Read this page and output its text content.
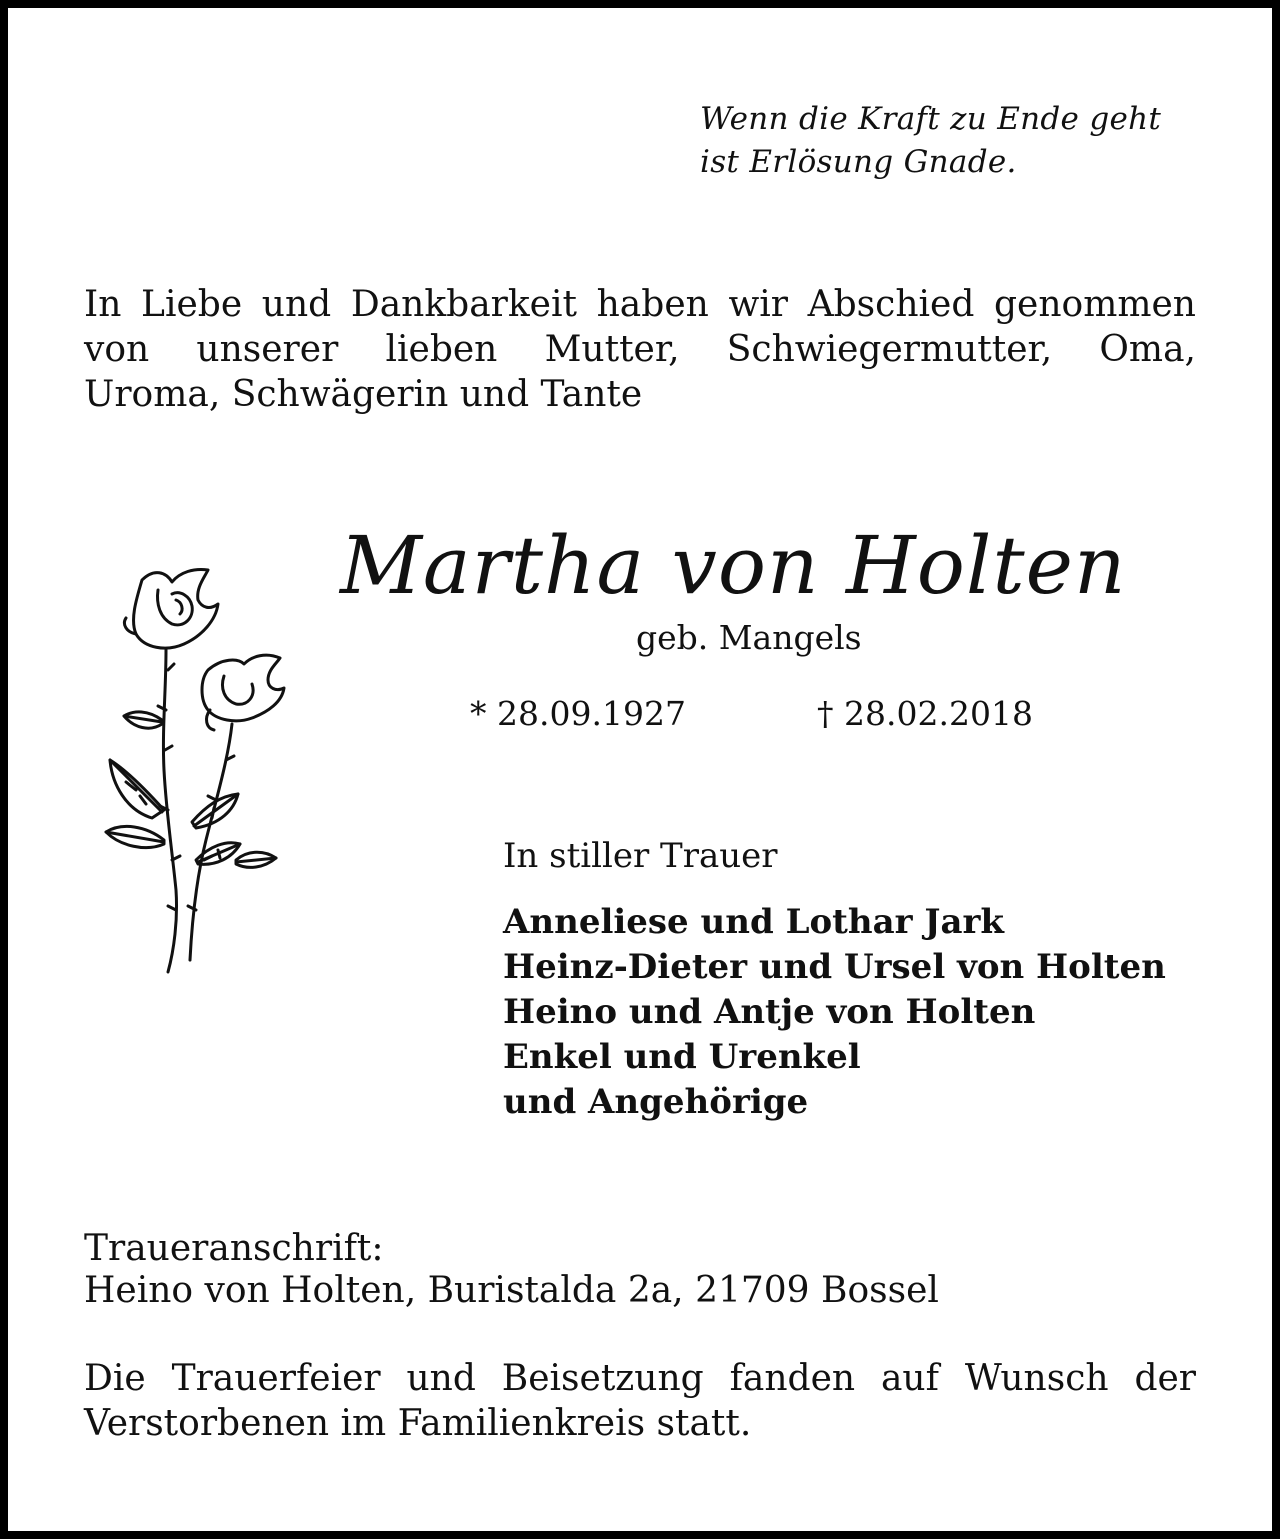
Wenn die Kraft zu Ende geht
ist Erlösung Gnade.
In Liebe und Dankbarkeit haben wir Abschied genommen
von unserer lieben Mutter, Schwiegermutter, Oma,
Uroma, Schwägerin und Tante
Martha von Holten
geb. Mangels
* 28.09.1927	† 28.02.2018
In stiller Trauer
Anneliese und Lothar Jark
Heinz-Dieter und Ursel von Holten
Heino und Antje von Holten
Enkel und Urenkel
und Angehörige
Traueranschrift:
Heino von Holten, Buristalda 2a, 21709 Bossel
Die Trauerfeier und Beisetzung fanden auf Wunsch der
Verstorbenen im Familienkreis statt.
